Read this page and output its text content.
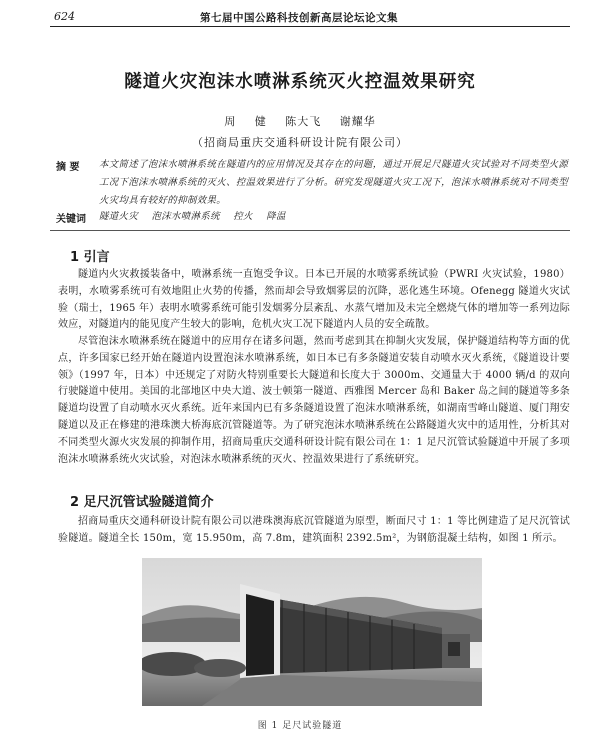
624	第七届中国公路科技创新高层论坛论文集
隧道火灾泡沫水喷淋系统灭火控温效果研究
周 健 陈大飞 谢耀华
（招商局重庆交通科研设计院有限公司）
摘 要 本文简述了泡沫水喷淋系统在隧道内的应用情况及其存在的问题，通过开展足尺隧道火灾试验对不同类型火源工况下泡沫水喷淋系统的灭火、控温效果进行了分析。研究发现隧道火灾工况下，泡沫水喷淋系统对不同类型火灾均具有较好的抑制效果。
关键词 隧道火灾 泡沫水喷淋系统 控火 降温
1 引言
隧道内火灾救援装备中，喷淋系统一直饱受争议。日本已开展的水喷雾系统试验（PWRI 火灾试验，1980）表明，水喷雾系统可有效地阻止火势的传播，然而却会导致烟雾层的沉降，恶化逃生环境。Ofenegg 隧道火灾试验（瑞士，1965 年）表明水喷雾系统可能引发烟雾分层紊乱、水蒸气增加及未完全燃烧气体的增加等一系列边际效应，对隧道内的能见度产生较大的影响，危机火灾工况下隧道内人员的安全疏散。
尽管泡沫水喷淋系统在隧道中的应用存在诸多问题，然而考虑到其在抑制火灾发展，保护隧道结构等方面的优点，许多国家已经开始在隧道内设置泡沫水喷淋系统，如日本已有多条隧道安装自动喷水灭火系统，《隧道设计要领》（1997 年，日本）中还规定了对防火特别重要长大隧道和长度大于 3000m、交通量大于 4000 辆/d 的双向行驶隧道中使用。美国的北部地区中央大道、波士顿第一隧道、西雅图 Mercer 岛和 Baker 岛之间的隧道等多条隧道均设置了自动喷水灭火系统。近年来国内已有多条隧道设置了泡沫水喷淋系统，如湖南雪峰山隧道、厦门翔安隧道以及正在修建的港珠澳大桥海底沉管隧道等。为了研究泡沫水喷淋系统在公路隧道火灾中的适用性，分析其对不同类型火源火灾发展的抑制作用，招商局重庆交通科研设计院有限公司在 1：1 足尺沉管试验隧道中开展了多项泡沫水喷淋系统火灾试验，对泡沫水喷淋系统的灭火、控温效果进行了系统研究。
2 足尺沉管试验隧道简介
招商局重庆交通科研设计院有限公司以港珠澳海底沉管隧道为原型，断面尺寸 1：1 等比例建造了足尺沉管试验隧道。隧道全长 150m，宽 15.950m，高 7.8m，建筑面积 2392.5m²，为钢筋混凝土结构，如图 1 所示。
图 1 足尺试验隧道
